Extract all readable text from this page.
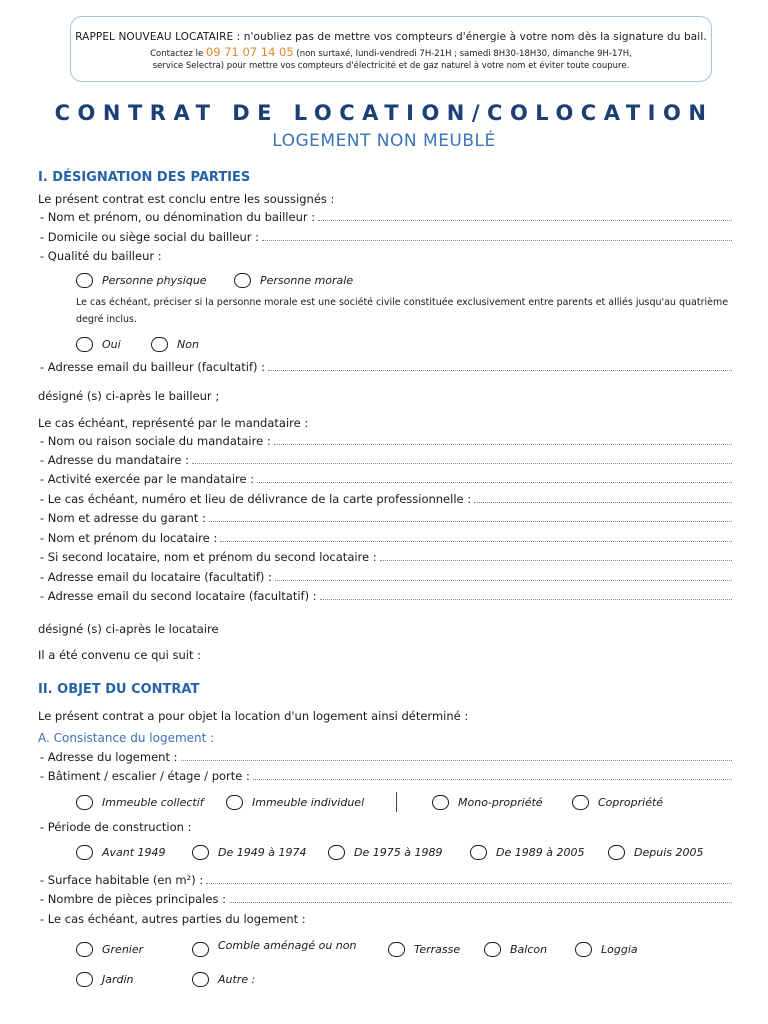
RAPPEL NOUVEAU LOCATAIRE : n'oubliez pas de mettre vos compteurs d'énergie à votre nom dès la signature du bail.
Contactez le 09 71 07 14 05 (non surtaxé, lundi-vendredi 7H-21H ; samedi 8H30-18H30, dimanche 9H-17H,
service Selectra) pour mettre vos compteurs d'électricité et de gaz naturel à votre nom et éviter toute coupure.
CONTRAT DE LOCATION/COLOCATION
LOGEMENT NON MEUBLÉ
I. DÉSIGNATION DES PARTIES
Le présent contrat est conclu entre les soussignés :
- Nom et prénom, ou dénomination du bailleur :
- Domicile ou siège social du bailleur :
- Qualité du bailleur :
Personne physique	Personne morale
Le cas échéant, préciser si la personne morale est une société civile constituée exclusivement entre parents et alliés jusqu'au quatrième degré inclus.
Oui	Non
- Adresse email du bailleur (facultatif) :
désigné (s) ci-après le bailleur ;
Le cas échéant, représenté par le mandataire :
- Nom ou raison sociale du mandataire :
- Adresse du mandataire :
- Activité exercée par le mandataire :
- Le cas échéant, numéro et lieu de délivrance de la carte professionnelle :
- Nom et adresse du garant :
- Nom et prénom du locataire :
- Si second locataire, nom et prénom du second locataire :
- Adresse email du locataire (facultatif) :
- Adresse email du second locataire (facultatif) :
désigné (s) ci-après le locataire
Il a été convenu ce qui suit :
II. OBJET DU CONTRAT
Le présent contrat a pour objet la location d'un logement ainsi déterminé :
A. Consistance du logement :
- Adresse du logement :
- Bâtiment / escalier / étage / porte :
Immeuble collectif	Immeuble individuel	Mono-propriété	Copropriété
- Période de construction :
Avant 1949	De 1949 à 1974	De 1975 à 1989	De 1989 à 2005	Depuis 2005
- Surface habitable (en m²) :
- Nombre de pièces principales :
- Le cas échéant, autres parties du logement :
Grenier	Comble aménagé ou non	Terrasse	Balcon	Loggia
Jardin	Autre :
